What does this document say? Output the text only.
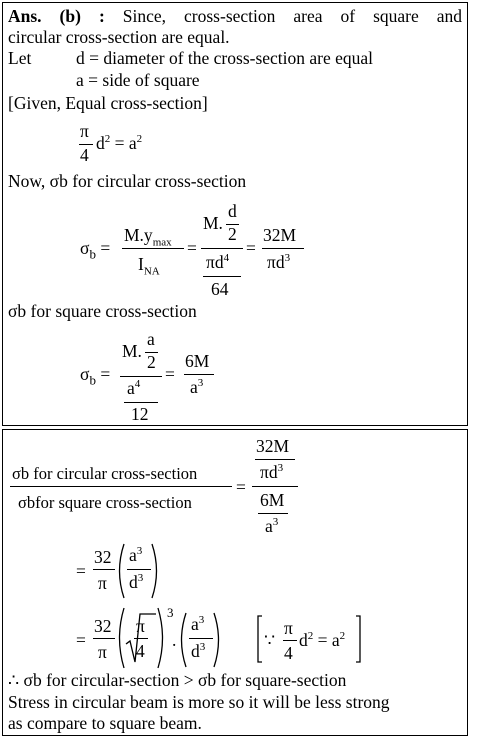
Ans. (b) : Since, cross-section area of square and
circular cross-section are equal.
Let	d = diameter of the cross-section are equal
a = side of square
[Given, Equal cross-section]
π
4
$d^2 = a^2$
Now, σb for circular cross-section
$\sigma_b$ =
$M.y_{max}$
$I_{NA}$
=
d
M.
2
$\pi d^4$
64
=
32M
$\pi d^3$
σb for square cross-section
$\sigma_b$ =
a
M.
2
$a^4$
12
=
6M
$a^3$
σb for circular cross-section
σbfor square cross-section
=
32M
$\pi d^3$
6M
$a^3$
=
32
π
$a^3$
$d^3$
=
32
π
π
4
3
.
$a^3$
$d^3$	∵
π
4
$d^2 = a^2$
∴ σb for circular-section > σb for square-section
Stress in circular beam is more so it will be less strong
as compare to square beam.
